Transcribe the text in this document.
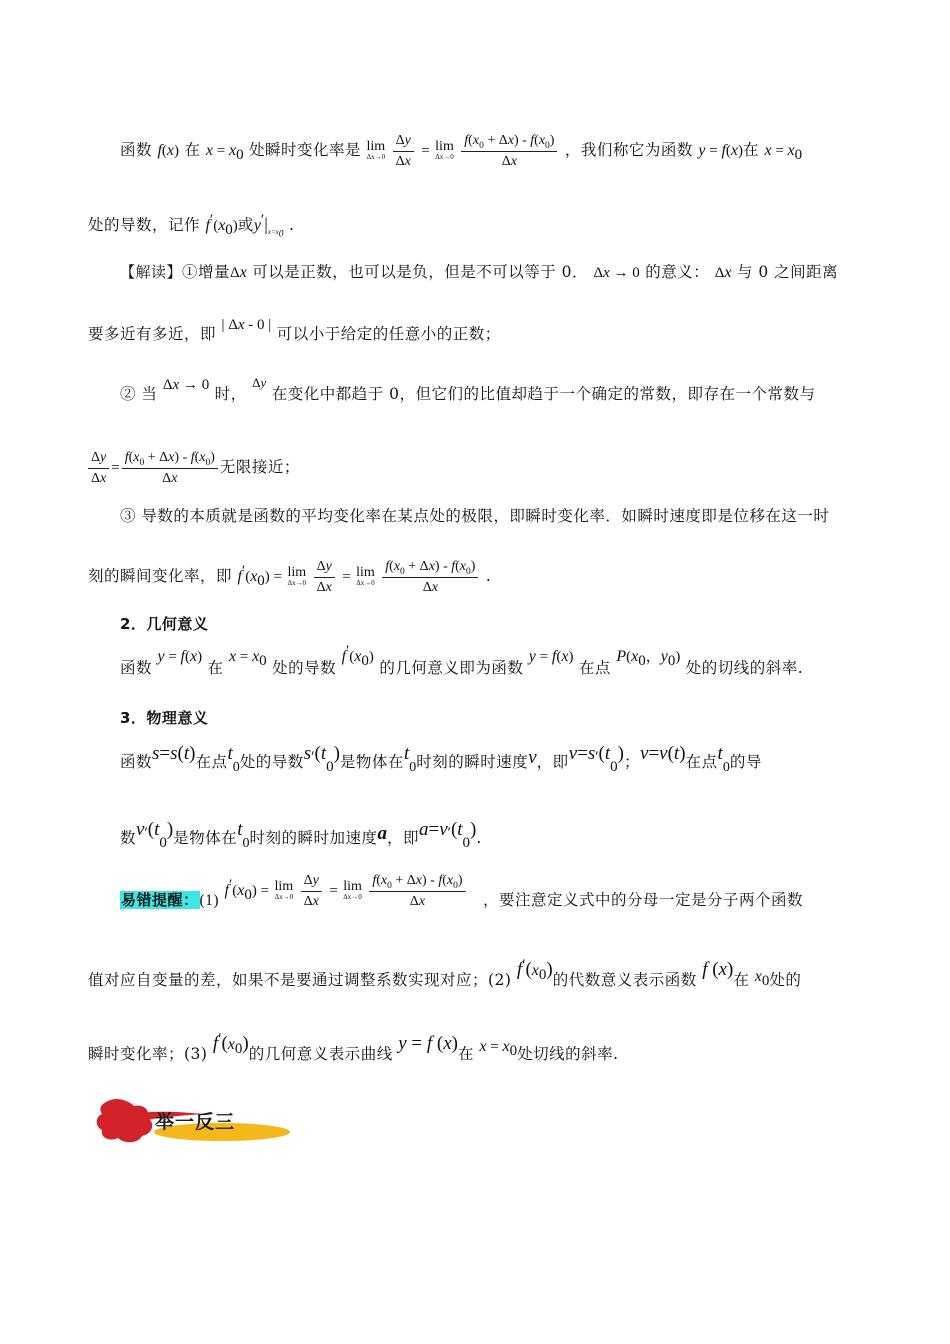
函数 f(x) 在 $x = x_0$ 处瞬时变化率是 lim
Δx→0
$\frac{\Delta y}{\Delta x} = \lim$
Δx→0
$\frac{f(x_0 + \Delta x) - f(x_0)}{\Delta x}$ ，我们称它为函数 y = f(x)在 $x = x_0$
处的导数，记作 $f'(x_0)$或$y'|_{x=x_0}$ .
【解读】①增量Δx 可以是正数，也可以是负，但是不可以等于 0． Δx → 0 的意义： Δx 与 0 之间距离
要多近有多近，即 | Δx - 0 | 可以小于给定的任意小的正数；
② 当 Δx → 0 时， $^{\Delta y}$ 在变化中都趋于 0，但它们的比值却趋于一个确定的常数，即存在一个常数与
$\frac{\Delta y}{\Delta x} = \frac{f(x_0 + \Delta x) - f(x_0)}{\Delta x}$ 无限接近；
③ 导数的本质就是函数的平均变化率在某点处的极限，即瞬时变化率．如瞬时速度即是位移在这一时
刻的瞬间变化率，即 $f'(x_0) = \lim$
Δx→0
$\frac{\Delta y}{\Delta x} = \lim$
Δx→0
$\frac{f(x_0 + \Delta x) - f(x_0)}{\Delta x}$ .
2．几何意义
函数 y = f(x) 在 $x = x_0$ 处的导数 $f'(x_0)$ 的几何意义即为函数 y = f(x) 在点 $P(x_0$，$y_0$) 处的切线的斜率.
3．物理意义
函数s=s(t)在点$t_0$处的导数$s'(t_0)$是物体在$t_0$时刻的瞬时速度v，即$v=s'(t_0)$；v=v(t)在点$t_0$的导
数$v'(t_0)$是物体在$t_0$时刻的瞬时加速度a，即$a=v'(t_0)$.
易错提醒：(1) $f'(x_0) = \lim$
Δx→0
$\frac{\Delta y}{\Delta x} = \lim$
Δx→0
$\frac{f(x_0 + \Delta x) - f(x_0)}{\Delta x}$ ，要注意定义式中的分母一定是分子两个函数
值对应自变量的差，如果不是要通过调整系数实现对应；(2) $f'(x_0)$的代数意义表示函数 f (x)在 $x_0$处的
瞬时变化率；(3) $f'(x_0)$的几何意义表示曲线 y = f (x)在 $x = x_0$处切线的斜率.
举一反三
